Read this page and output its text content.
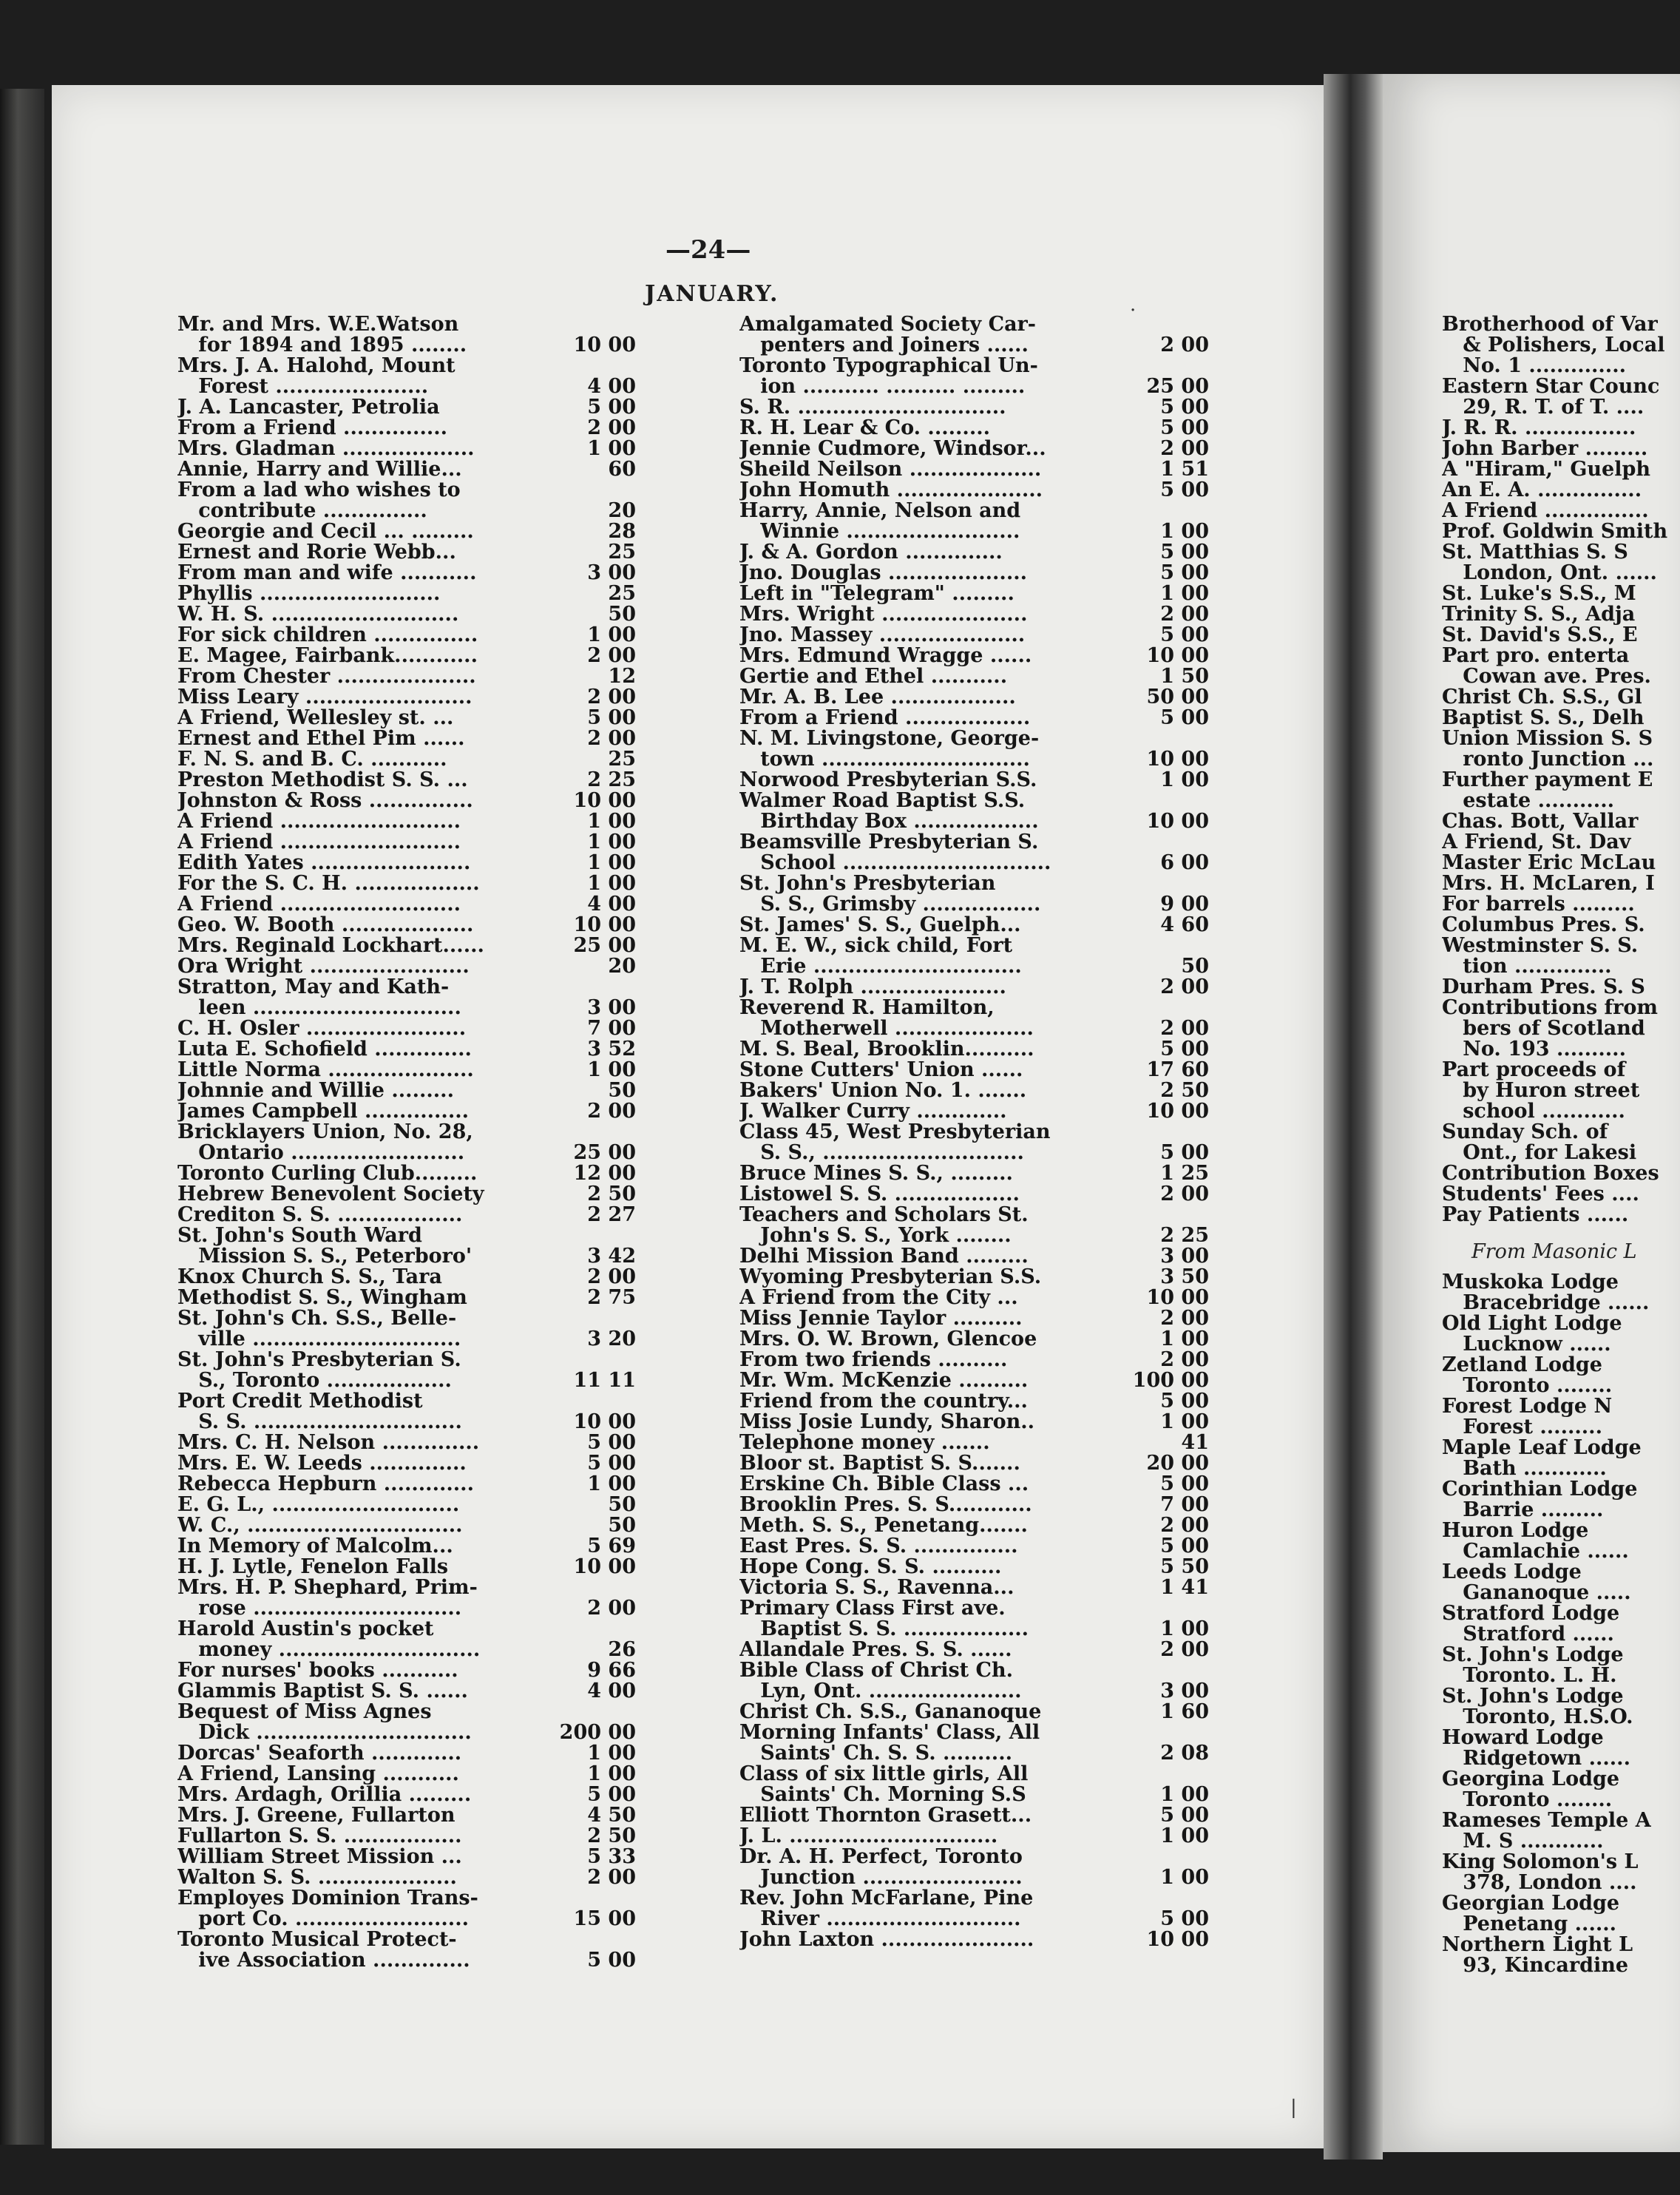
—24—
JANUARY.
Mr. and Mrs. W.E.Watson
for 1894 and 1895 ........	10 00
Mrs. J. A. Halohd, Mount
Forest ......................	4 00
J. A. Lancaster, Petrolia	5 00
From a Friend ...............	2 00
Mrs. Gladman ...................	1 00
Annie, Harry and Willie...	60
From a lad who wishes to
contribute ...............	20
Georgie and Cecil ... .........	28
Ernest and Rorie Webb...	25
From man and wife ...........	3 00
Phyllis ..........................	25
W. H. S. ...........................	50
For sick children ...............	1 00
E. Magee, Fairbank............	2 00
From Chester ....................	12
Miss Leary ........................	2 00
A Friend, Wellesley st. ...	5 00
Ernest and Ethel Pim ......	2 00
F. N. S. and B. C. ...........	25
Preston Methodist S. S. ...	2 25
Johnston & Ross ...............	10 00
A Friend ..........................	1 00
A Friend ..........................	1 00
Edith Yates .......................	1 00
For the S. C. H. ..................	1 00
A Friend ..........................	4 00
Geo. W. Booth ...................	10 00
Mrs. Reginald Lockhart......	25 00
Ora Wright .......................	20
Stratton, May and Kath-
leen ..............................	3 00
C. H. Osler .......................	7 00
Luta E. Schofield ..............	3 52
Little Norma .....................	1 00
Johnnie and Willie .........	50
James Campbell ...............	2 00
Bricklayers Union, No. 28,
Ontario .........................	25 00
Toronto Curling Club.........	12 00
Hebrew Benevolent Society	2 50
Crediton S. S. ..................	2 27
St. John's South Ward
Mission S. S., Peterboro'	3 42
Knox Church S. S., Tara	2 00
Methodist S. S., Wingham	2 75
St. John's Ch. S.S., Belle-
ville ..............................	3 20
St. John's Presbyterian S.
S., Toronto ..................	11 11
Port Credit Methodist
S. S. ..............................	10 00
Mrs. C. H. Nelson ..............	5 00
Mrs. E. W. Leeds ..............	5 00
Rebecca Hepburn .............	1 00
E. G. L., ...........................	50
W. C., ...............................	50
In Memory of Malcolm...	5 69
H. J. Lytle, Fenelon Falls	10 00
Mrs. H. P. Shephard, Prim-
rose ..............................	2 00
Harold Austin's pocket
money .............................	26
For nurses' books ...........	9 66
Glammis Baptist S. S. ......	4 00
Bequest of Miss Agnes
Dick ...............................	200 00
Dorcas' Seaforth .............	1 00
A Friend, Lansing ...........	1 00
Mrs. Ardagh, Orillia .........	5 00
Mrs. J. Greene, Fullarton	4 50
Fullarton S. S. .................	2 50
William Street Mission ...	5 33
Walton S. S. ....................	2 00
Employes Dominion Trans-
port Co. .........................	15 00
Toronto Musical Protect-
ive Association ..............	5 00
Amalgamated Society Car-
penters and Joiners ......	2 00
Toronto Typographical Un-
ion ........... .......... .........	25 00
S. R. ..............................	5 00
R. H. Lear & Co. .........	5 00
Jennie Cudmore, Windsor...	2 00
Sheild Neilson ...................	1 51
John Homuth .....................	5 00
Harry, Annie, Nelson and
Winnie .........................	1 00
J. & A. Gordon ..............	5 00
Jno. Douglas ....................	5 00
Left in "Telegram" .........	1 00
Mrs. Wright .....................	2 00
Jno. Massey .....................	5 00
Mrs. Edmund Wragge ......	10 00
Gertie and Ethel ...........	1 50
Mr. A. B. Lee ..................	50 00
From a Friend ..................	5 00
N. M. Livingstone, George-
town ..............................	10 00
Norwood Presbyterian S.S.	1 00
Walmer Road Baptist S.S.
Birthday Box ..................	10 00
Beamsville Presbyterian S.
School ..............................	6 00
St. John's Presbyterian
S. S., Grimsby .................	9 00
St. James' S. S., Guelph...	4 60
M. E. W., sick child, Fort
Erie ..............................	50
J. T. Rolph .....................	2 00
Reverend R. Hamilton,
Motherwell ....................	2 00
M. S. Beal, Brooklin..........	5 00
Stone Cutters' Union ......	17 60
Bakers' Union No. 1. .......	2 50
J. Walker Curry .............	10 00
Class 45, West Presbyterian
S. S., .............................	5 00
Bruce Mines S. S., .........	1 25
Listowel S. S. ..................	2 00
Teachers and Scholars St.
John's S. S., York ........	2 25
Delhi Mission Band .........	3 00
Wyoming Presbyterian S.S.	3 50
A Friend from the City ...	10 00
Miss Jennie Taylor ..........	2 00
Mrs. O. W. Brown, Glencoe	1 00
From two friends ..........	2 00
Mr. Wm. McKenzie ..........	100 00
Friend from the country...	5 00
Miss Josie Lundy, Sharon..	1 00
Telephone money .......	41
Bloor st. Baptist S. S.......	20 00
Erskine Ch. Bible Class ...	5 00
Brooklin Pres. S. S............	7 00
Meth. S. S., Penetang.......	2 00
East Pres. S. S. ...............	5 00
Hope Cong. S. S. ..........	5 50
Victoria S. S., Ravenna...	1 41
Primary Class First ave.
Baptist S. S. ..................	1 00
Allandale Pres. S. S. ......	2 00
Bible Class of Christ Ch.
Lyn, Ont. ......................	3 00
Christ Ch. S.S., Gananoque	1 60
Morning Infants' Class, All
Saints' Ch. S. S. ..........	2 08
Class of six little girls, All
Saints' Ch. Morning S.S	1 00
Elliott Thornton Grasett...	5 00
J. L. ..............................	1 00
Dr. A. H. Perfect, Toronto
Junction .......................	1 00
Rev. John McFarlane, Pine
River ............................	5 00
John Laxton ......................	10 00
Brotherhood of Var
& Polishers, Local
No. 1 ..............
Eastern Star Counc
29, R. T. of T. ....
J. R. R. ................
John Barber .........
A "Hiram," Guelph
An E. A. ...............
A Friend ...............
Prof. Goldwin Smith
St. Matthias S. S
London, Ont. ......
St. Luke's S.S., M
Trinity S. S., Adja
St. David's S.S., E
Part pro. enterta
Cowan ave. Pres.
Christ Ch. S.S., Gl
Baptist S. S., Delh
Union Mission S. S
ronto Junction ...
Further payment E
estate ...........
Chas. Bott, Vallar
A Friend, St. Dav
Master Eric McLau
Mrs. H. McLaren, I
For barrels .........
Columbus Pres. S.
Westminster S. S.
tion ..............
Durham Pres. S. S
Contributions from
bers of Scotland
No. 193 ..........
Part proceeds of
by Huron street
school ............
Sunday Sch. of
Ont., for Lakesi
Contribution Boxes
Students' Fees ....
Pay Patients ......
From Masonic L
Muskoka Lodge
Bracebridge ......
Old Light Lodge
Lucknow ......
Zetland Lodge
Toronto ........
Forest Lodge N
Forest .........
Maple Leaf Lodge
Bath ............
Corinthian Lodge
Barrie .........
Huron Lodge
Camlachie ......
Leeds Lodge
Gananoque .....
Stratford Lodge
Stratford ......
St. John's Lodge
Toronto. L. H.
St. John's Lodge
Toronto, H.S.O.
Howard Lodge
Ridgetown ......
Georgina Lodge
Toronto ........
Rameses Temple A
M. S ............
King Solomon's L
378, London ....
Georgian Lodge
Penetang ......
Northern Light L
93, Kincardine
·
|
